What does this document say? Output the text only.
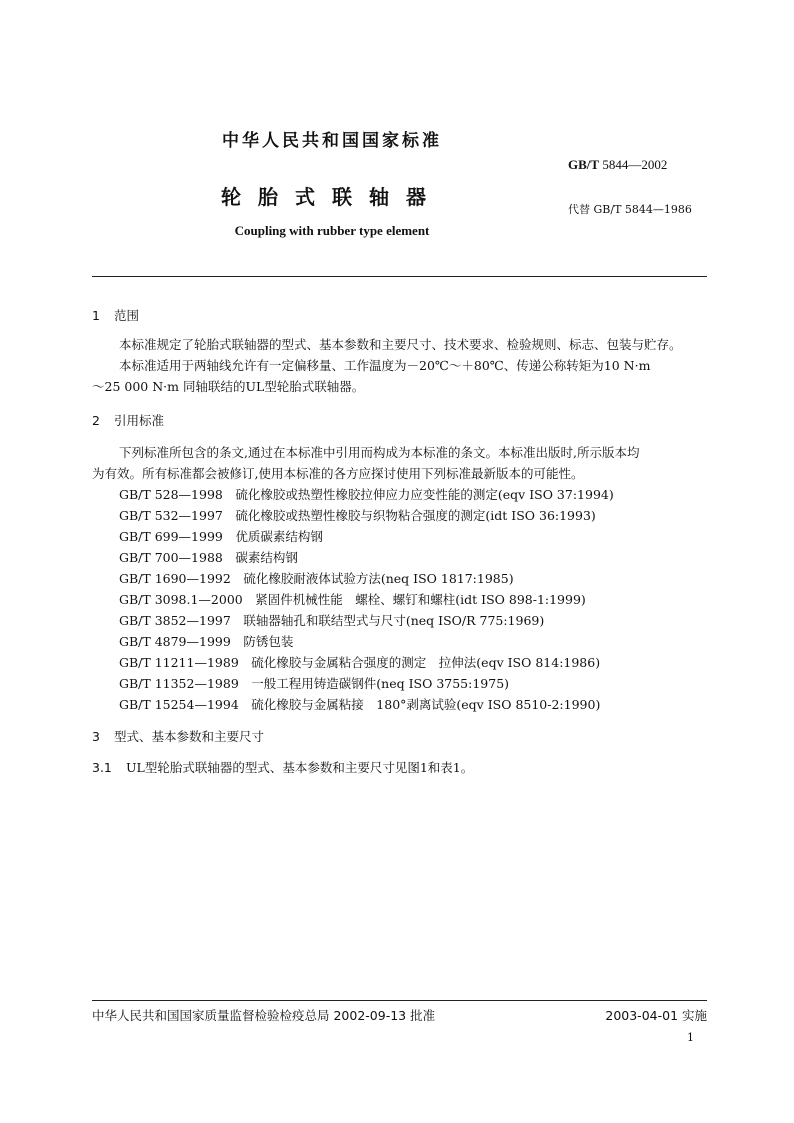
中华人民共和国国家标准
GB/T 5844—2002
轮胎式联轴器
代替 GB/T 5844—1986
Coupling with rubber type element
1 范围
本标准规定了轮胎式联轴器的型式、基本参数和主要尺寸、技术要求、检验规则、标志、包装与贮存。
本标准适用于两轴线允许有一定偏移量、工作温度为－20℃～＋80℃、传递公称转矩为10 N·m
～25 000 N·m 同轴联结的UL型轮胎式联轴器。
2 引用标准
下列标准所包含的条文,通过在本标准中引用而构成为本标准的条文。本标准出版时,所示版本均
为有效。所有标准都会被修订,使用本标准的各方应探讨使用下列标准最新版本的可能性。
GB/T 528—1998　 硫化橡胶或热塑性橡胶拉伸应力应变性能的测定(eqv ISO 37:1994)
GB/T 532—1997　 硫化橡胶或热塑性橡胶与织物粘合强度的测定(idt ISO 36:1993)
GB/T 699—1999　 优质碳素结构钢
GB/T 700—1988　 碳素结构钢
GB/T 1690—1992　 硫化橡胶耐液体试验方法(neq ISO 1817:1985)
GB/T 3098.1—2000　 紧固件机械性能　螺栓、螺钉和螺柱(idt ISO 898-1:1999)
GB/T 3852—1997　 联轴器轴孔和联结型式与尺寸(neq ISO/R 775:1969)
GB/T 4879—1999　 防锈包装
GB/T 11211—1989　 硫化橡胶与金属粘合强度的测定　拉伸法(eqv ISO 814:1986)
GB/T 11352—1989　 一般工程用铸造碳钢件(neq ISO 3755:1975)
GB/T 15254—1994　 硫化橡胶与金属粘接　180°剥离试验(eqv ISO 8510-2:1990)
3 型式、基本参数和主要尺寸
3.1 UL型轮胎式联轴器的型式、基本参数和主要尺寸见图1和表1。
中华人民共和国国家质量监督检验检疫总局 2002-09-13 批准	2003-04-01 实施
1
